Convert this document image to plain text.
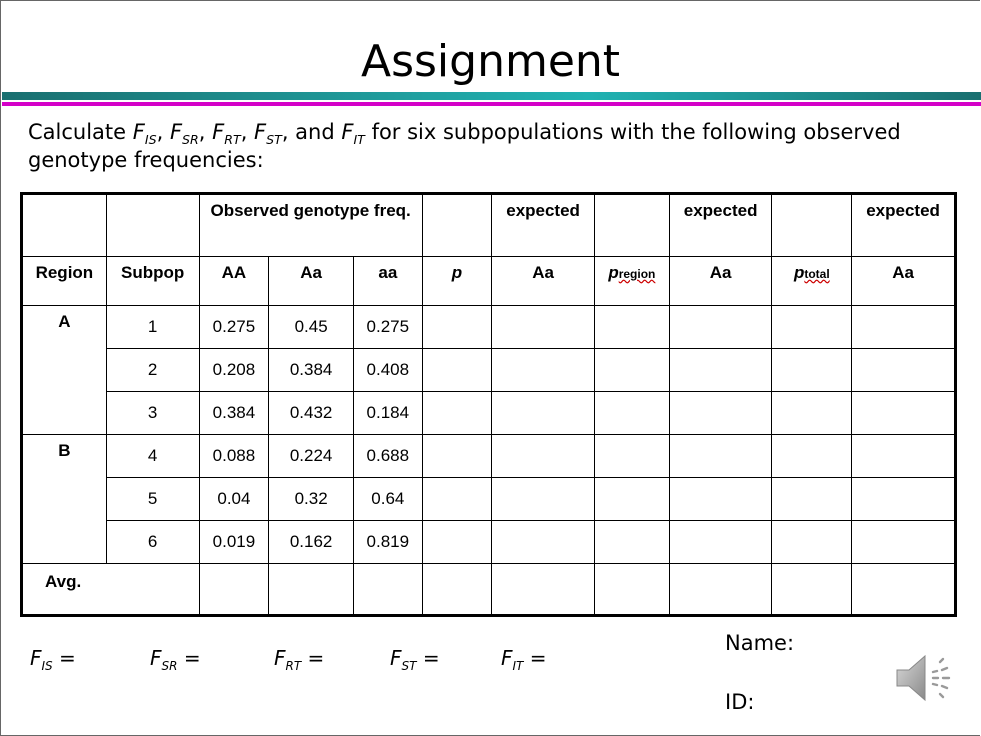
Assignment
Calculate $F_{IS}$, $F_{SR}$, $F_{RT}$, $F_{ST}$, and $F_{IT}$ for six subpopulations with the following observed genotype frequencies:
		Observed genotype freq.				expected		expected		expected
Region	Subpop	AA	Aa	aa	p	Aa	pregion	Aa	ptotal	Aa
A	1	0.275	0.45	0.275						
	2	0.208	0.384	0.408						
	3	0.384	0.432	0.184						
B	4	0.088	0.224	0.688						
	5	0.04	0.32	0.64						
	6	0.019	0.162	0.819						
Avg.										
$F_{IS}$ =	$F_{SR}$ =	$F_{RT}$ =	$F_{ST}$ =	$F_{IT}$ =
Name:
ID:
